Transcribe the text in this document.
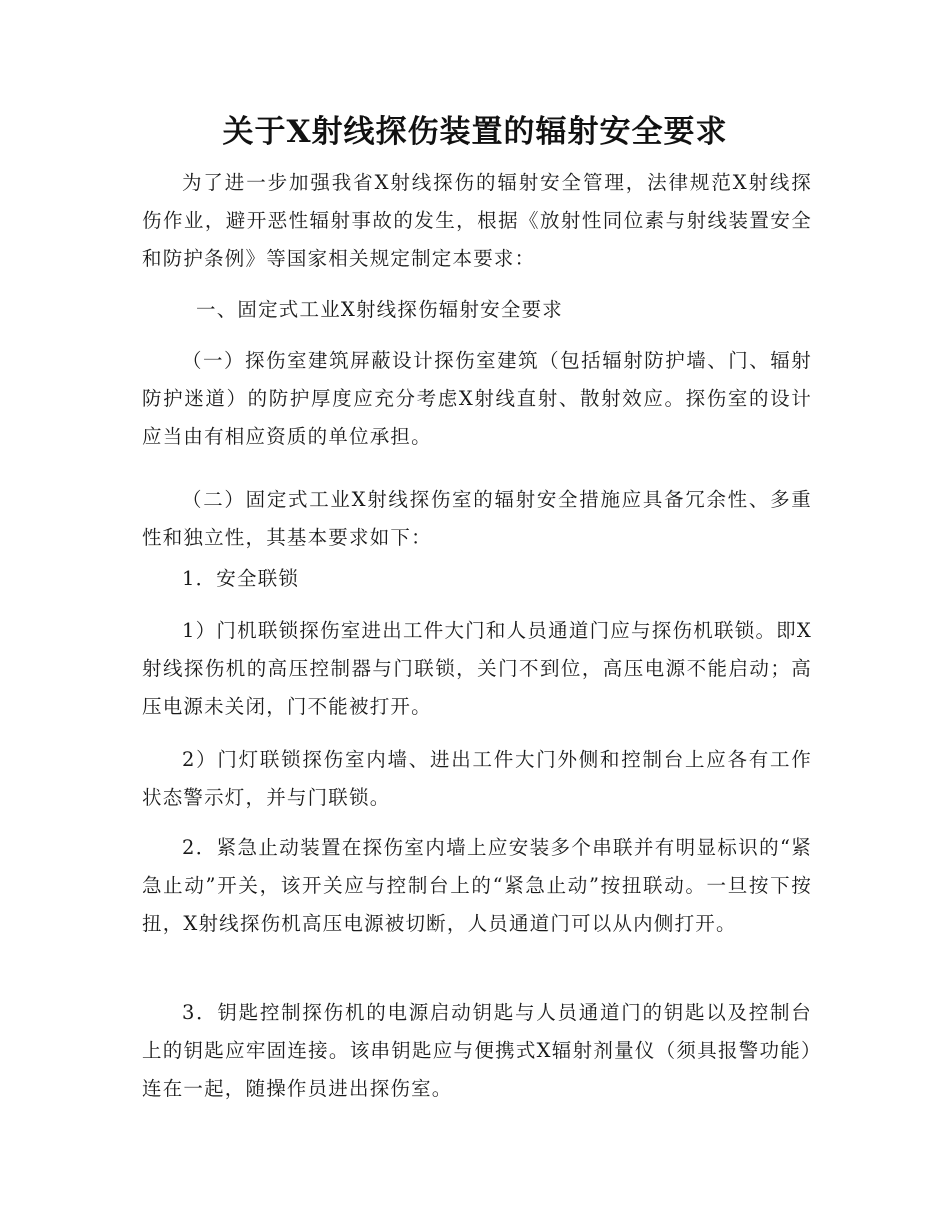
关于X射线探伤装置的辐射安全要求
为了进一步加强我省X射线探伤的辐射安全管理，法律规范X射线探伤作业，避开恶性辐射事故的发生，根据《放射性同位素与射线装置安全和防护条例》等国家相关规定制定本要求：
一、固定式工业X射线探伤辐射安全要求
（一）探伤室建筑屏蔽设计探伤室建筑（包括辐射防护墙、门、辐射防护迷道）的防护厚度应充分考虑X射线直射、散射效应。探伤室的设计应当由有相应资质的单位承担。
（二）固定式工业X射线探伤室的辐射安全措施应具备冗余性、多重性和独立性，其基本要求如下：
1．安全联锁
1）门机联锁探伤室进出工件大门和人员通道门应与探伤机联锁。即X射线探伤机的高压控制器与门联锁，关门不到位，高压电源不能启动；高压电源未关闭，门不能被打开。
2）门灯联锁探伤室内墙、进出工件大门外侧和控制台上应各有工作状态警示灯，并与门联锁。
2．紧急止动装置在探伤室内墙上应安装多个串联并有明显标识的“紧急止动”开关，该开关应与控制台上的“紧急止动”按扭联动。一旦按下按扭，X射线探伤机高压电源被切断，人员通道门可以从内侧打开。
3．钥匙控制探伤机的电源启动钥匙与人员通道门的钥匙以及控制台上的钥匙应牢固连接。该串钥匙应与便携式X辐射剂量仪（须具报警功能）连在一起，随操作员进出探伤室。
